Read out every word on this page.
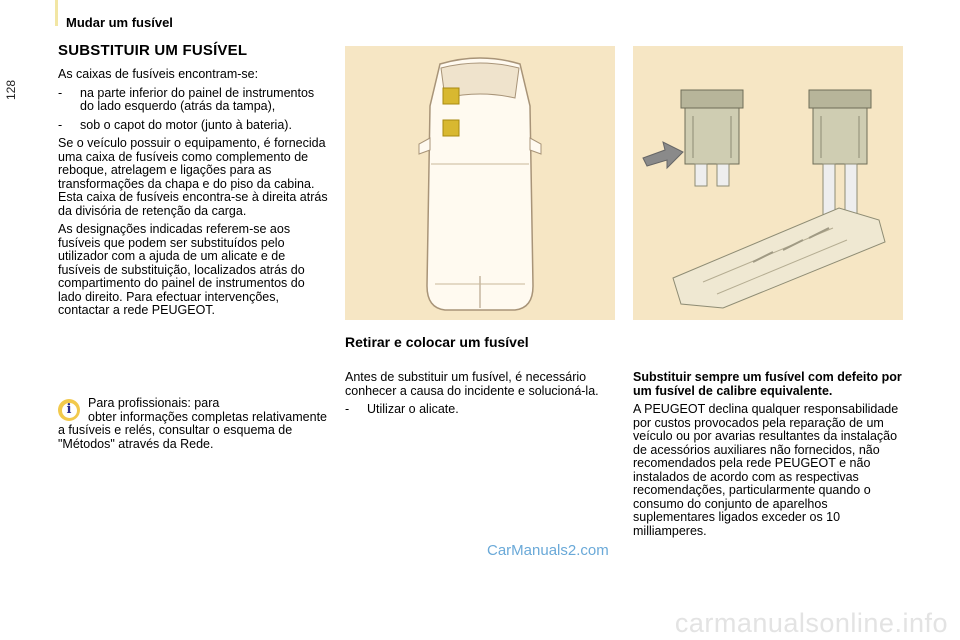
128
Mudar um fusível
SUBSTITUIR UM FUSÍVEL

As caixas de fusíveis encontram-se:

-	na parte inferior do painel de instrumentos do lado esquerdo (atrás da tampa),
-	sob o capot do motor (junto à bateria).

Se o veículo possuir o equipamento, é fornecida uma caixa de fusíveis como complemento de reboque, atrelagem e ligações para as transformações da chapa e do piso da cabina. Esta caixa de fusíveis encontra-se à direita atrás da divisória de retenção da carga.

As designações indicadas referem-se aos fusíveis que podem ser substituídos pelo utilizador com a ajuda de um alicate e de fusíveis de substituição, localizados atrás do compartimento do painel de instrumentos do lado direito. Para efectuar intervenções, contactar a rede PEUGEOT.

i	Para profissionais: para

obter informações completas relativamente a fusíveis e relés, consultar o esquema de "Métodos" através da Rede.

Retirar e colocar um fusível

Antes de substituir um fusível, é necessário conhecer a causa do incidente e solucioná-la.

-	Utilizar o alicate.

Substituir sempre um fusível com defeito por um fusível de calibre equivalente.

A PEUGEOT declina qualquer responsabilidade por custos provocados pela reparação de um veículo ou por avarias resultantes da instalação de acessórios auxiliares não fornecidos, não recomendados pela rede PEUGEOT e não instalados de acordo com as respectivas recomendações, particularmente quando o consumo do conjunto de aparelhos suplementares ligados exceder os 10 milliamperes.

CarManuals2.com
carmanualsonline.info
